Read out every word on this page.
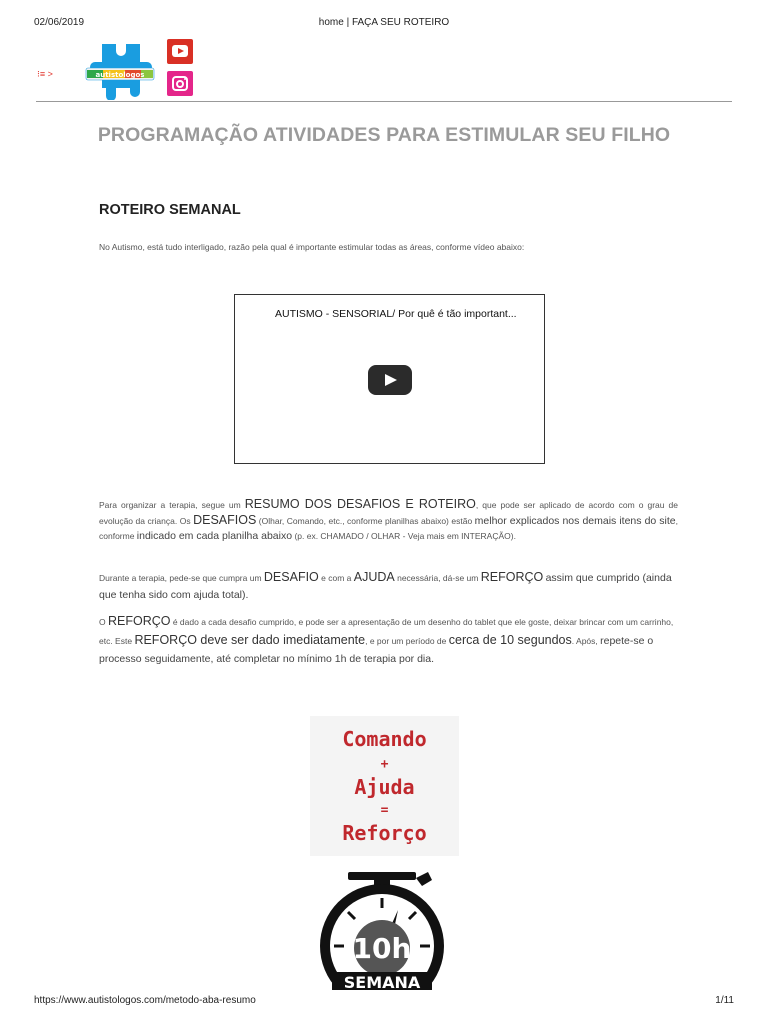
02/06/2019	home | FAÇA SEU ROTEIRO
⁝≡ >	autistologos
PROGRAMAÇÃO ATIVIDADES PARA ESTIMULAR SEU FILHO
ROTEIRO SEMANAL

No Autismo, está tudo interligado, razão pela qual é importante estimular todas as áreas, conforme vídeo abaixo:

AUTISMO - SENSORIAL/ Por quê é tão important...

Para organizar a terapia, segue um RESUMO DOS DESAFIOS E ROTEIRO, que pode ser aplicado de acordo com o grau de evolução da criança. Os DESAFIOS (Olhar, Comando, etc., conforme planilhas abaixo) estão melhor explicados nos demais itens do site, conforme indicado em cada planilha abaixo (p. ex. CHAMADO / OLHAR - Veja mais em INTERAÇÃO).

Durante a terapia, pede-se que cumpra um DESAFIO e com a AJUDA necessária, dá-se um REFORÇO assim que cumprido (ainda que tenha sido com ajuda total).

O REFORÇO é dado a cada desafio cumprido, e pode ser a apresentação de um desenho do tablet que ele goste, deixar brincar com um carrinho, etc. Este REFORÇO deve ser dado imediatamente, e por um período de cerca de 10 segundos. Após, repete-se o processo seguidamente, até completar no mínimo 1h de terapia por dia.

Comando
+
Ajuda
=
Reforço
10h
SEMANA
https://www.autistologos.com/metodo-aba-resumo	1/11
